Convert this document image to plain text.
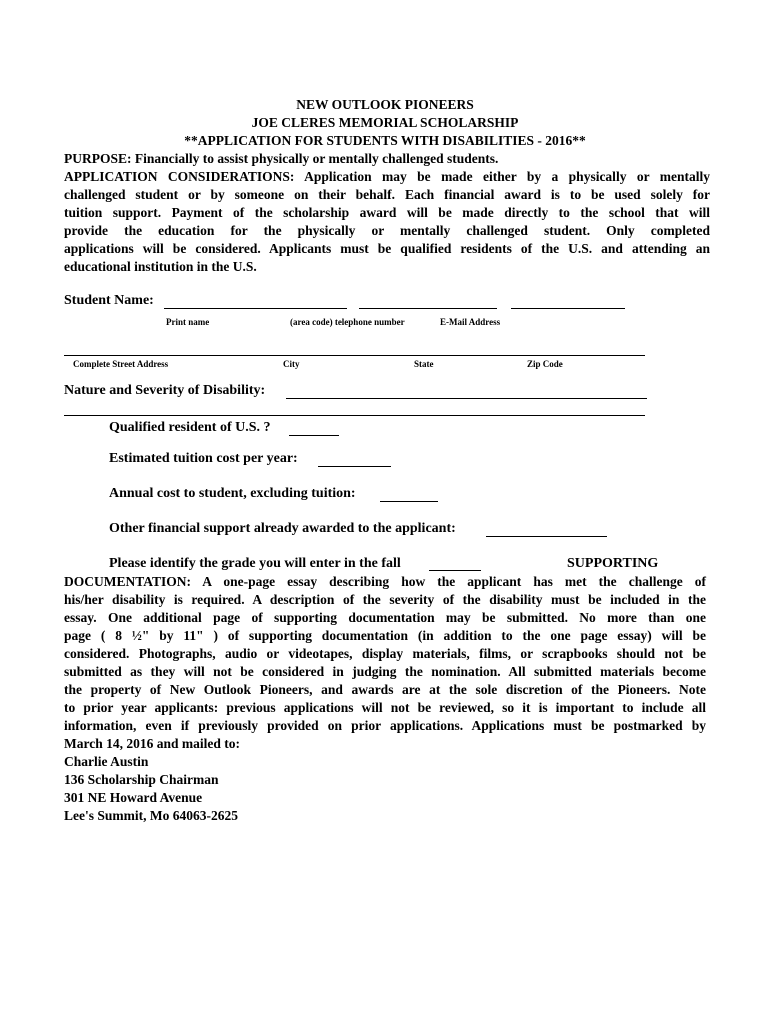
NEW OUTLOOK PIONEERS
JOE CLERES MEMORIAL SCHOLARSHIP
**APPLICATION FOR STUDENTS WITH DISABILITIES - 2016**
PURPOSE: Financially to assist physically or mentally challenged students.
APPLICATION CONSIDERATIONS: Application may be made either by a physically or mentally
challenged student or by someone on their behalf. Each financial award is to be used solely for
tuition support. Payment of the scholarship award will be made directly to the school that will
provide the education for the physically or mentally challenged student. Only completed
applications will be considered. Applicants must be qualified residents of the U.S. and attending an
educational institution in the U.S.
Student Name:
Print name	(area code) telephone number	E-Mail Address
Complete Street Address	City	State	Zip Code
Nature and Severity of Disability:
Qualified resident of U.S. ?
Estimated tuition cost per year:
Annual cost to student, excluding tuition:
Other financial support already awarded to the applicant:
Please identify the grade you will enter in the fall	SUPPORTING
DOCUMENTATION: A one-page essay describing how the applicant has met the challenge of
his/her disability is required. A description of the severity of the disability must be included in the
essay. One additional page of supporting documentation may be submitted. No more than one
page ( 8 ½" by 11" ) of supporting documentation (in addition to the one page essay) will be
considered. Photographs, audio or videotapes, display materials, films, or scrapbooks should not be
submitted as they will not be considered in judging the nomination. All submitted materials become
the property of New Outlook Pioneers, and awards are at the sole discretion of the Pioneers. Note
to prior year applicants: previous applications will not be reviewed, so it is important to include all
information, even if previously provided on prior applications. Applications must be postmarked by
March 14, 2016 and mailed to:
Charlie Austin
136 Scholarship Chairman
301 NE Howard Avenue
Lee's Summit, Mo 64063-2625
